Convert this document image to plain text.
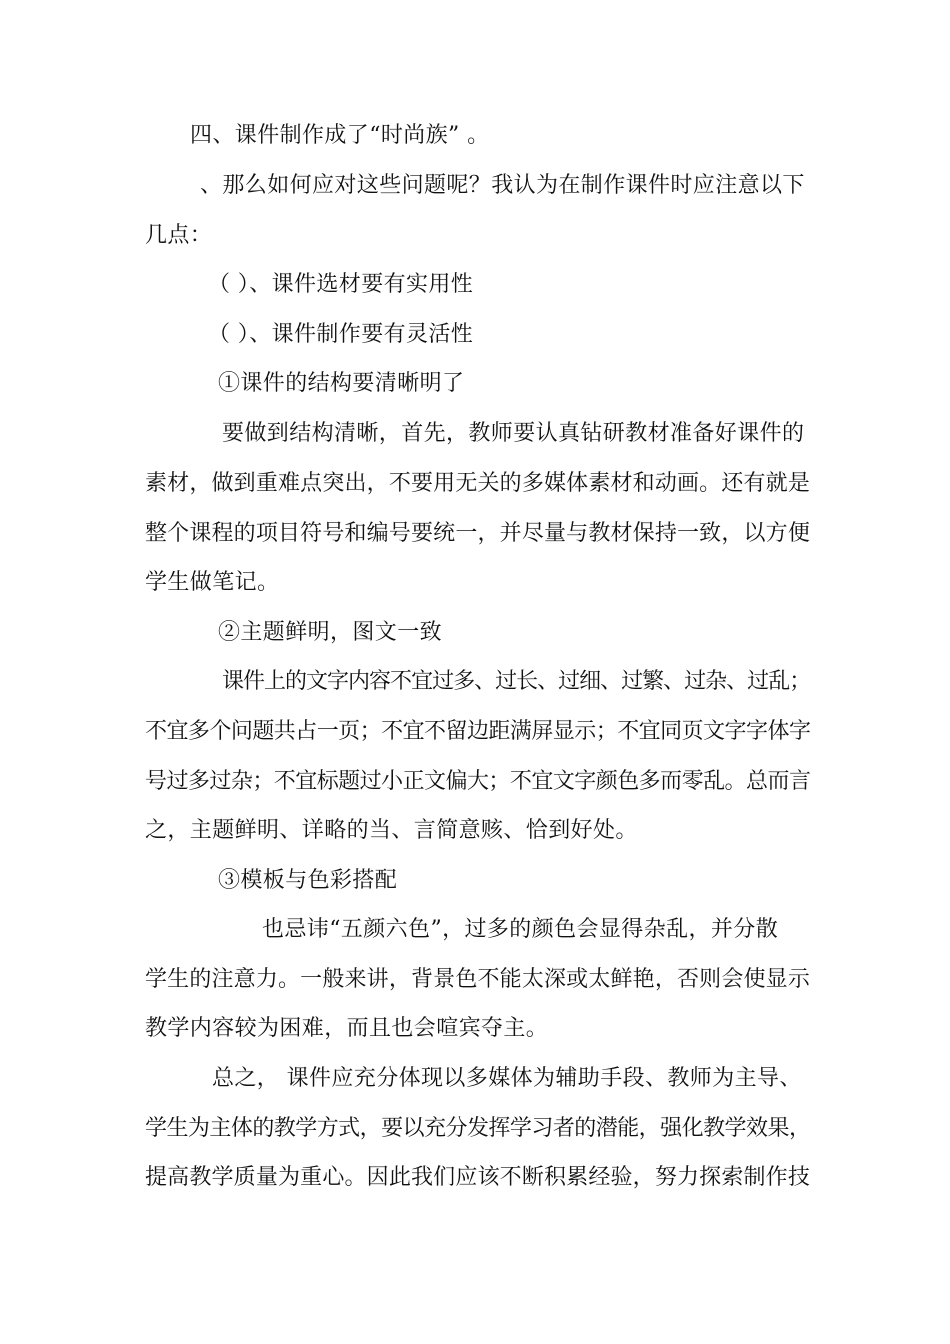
四、课件制作成了“时尚族” 。
、那么如何应对这些问题呢？我认为在制作课件时应注意以下
几点：
（ ）、课件选材要有实用性
（ ）、课件制作要有灵活性
①课件的结构要清晰明了
要做到结构清晰，首先，教师要认真钻研教材准备好课件的
素材，做到重难点突出，不要用无关的多媒体素材和动画。还有就是
整个课程的项目符号和编号要统一，并尽量与教材保持一致，以方便
学生做笔记。
②主题鲜明，图文一致
课件上的文字内容不宜过多、过长、过细、过繁、过杂、过乱；
不宜多个问题共占一页；不宜不留边距满屏显示；不宜同页文字字体字
号过多过杂；不宜标题过小正文偏大；不宜文字颜色多而零乱。总而言
之，主题鲜明、详略的当、言简意赅、恰到好处。
③模板与色彩搭配
也忌讳“五颜六色”，过多的颜色会显得杂乱，并分散
学生的注意力。一般来讲，背景色不能太深或太鲜艳，否则会使显示
教学内容较为困难，而且也会喧宾夺主。
总之， 课件应充分体现以多媒体为辅助手段、教师为主导、
学生为主体的教学方式，要以充分发挥学习者的潜能，强化教学效果，
提高教学质量为重心。因此我们应该不断积累经验，努力探索制作技
